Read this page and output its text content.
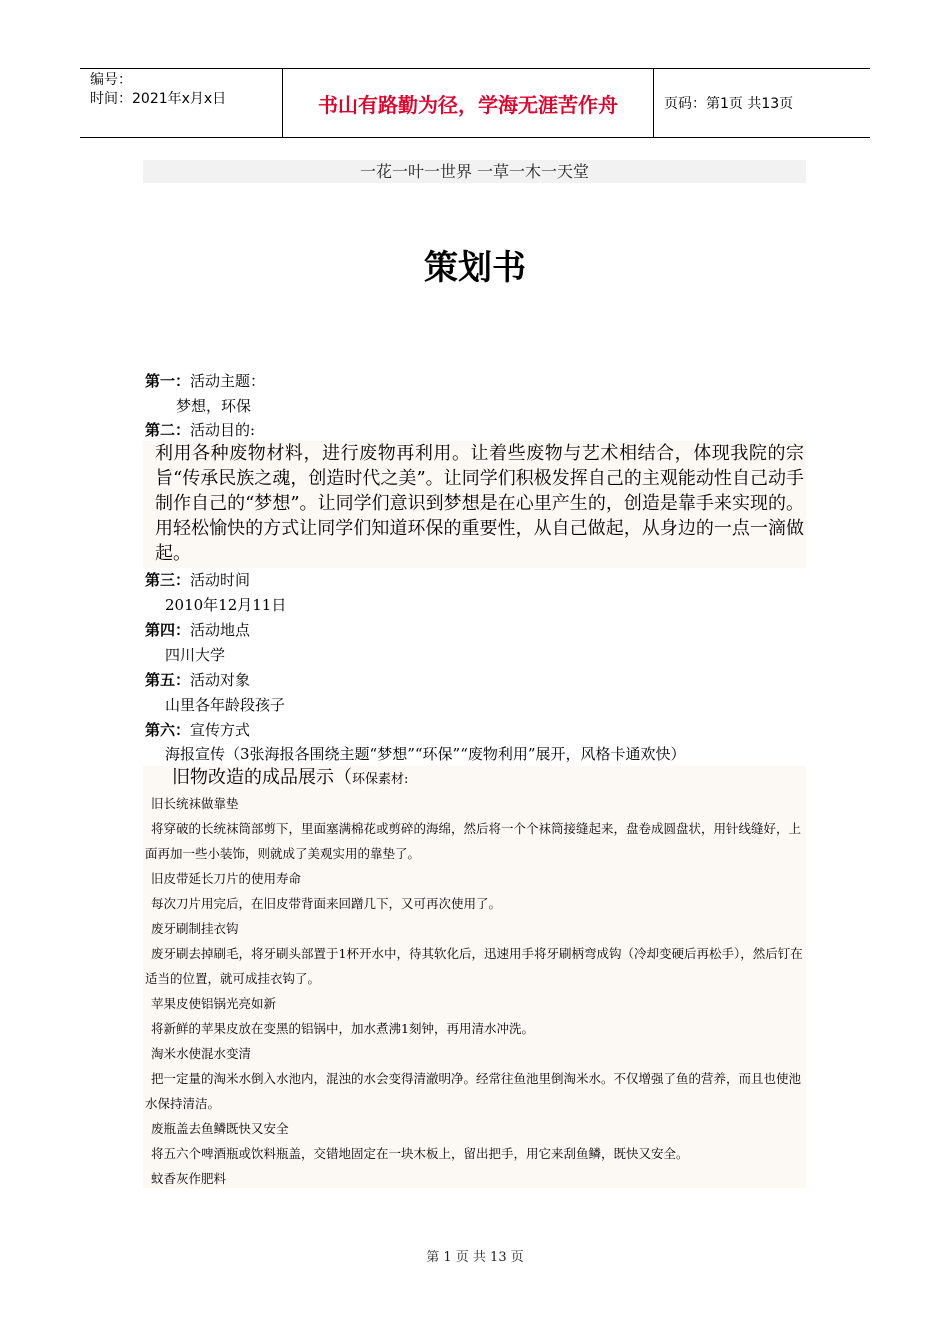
编号：
时间：2021年x月x日	书山有路勤为径，学海无涯苦作舟	页码：第1页 共13页
一花一叶一世界 一草一木一天堂
策划书
第一：活动主题：
梦想，环保
第二：活动目的:
利用各种废物材料，进行废物再利用。让着些废物与艺术相结合，体现我院的宗旨“传承民族之魂，创造时代之美”。让同学们积极发挥自己的主观能动性自己动手制作自己的“梦想”。让同学们意识到梦想是在心里产生的，创造是靠手来实现的。用轻松愉快的方式让同学们知道环保的重要性，从自己做起，从身边的一点一滴做起。
第三：活动时间
2010年12月11日
第四：活动地点
四川大学
第五：活动对象
山里各年龄段孩子
第六：宣传方式
海报宣传（3张海报各围绕主题“梦想”“环保”“废物利用”展开，风格卡通欢快）
旧物改造的成品展示（环保素材:
旧长统袜做靠垫
将穿破的长统袜筒部剪下，里面塞满棉花或剪碎的海绵，然后将一个个袜筒接缝起来，盘卷成圆盘状，用针线缝好，上面再加一些小装饰，则就成了美观实用的靠垫了。
旧皮带延长刀片的使用寿命
每次刀片用完后，在旧皮带背面来回蹭几下，又可再次使用了。
废牙刷制挂衣钩
废牙刷去掉刷毛，将牙刷头部置于1杯开水中，待其软化后，迅速用手将牙刷柄弯成钩（冷却变硬后再松手），然后钉在适当的位置，就可成挂衣钩了。
苹果皮使铝锅光亮如新
将新鲜的苹果皮放在变黑的铝锅中，加水煮沸1刻钟，再用清水冲洗。
淘米水使混水变清
把一定量的淘米水倒入水池内，混浊的水会变得清澈明净。经常往鱼池里倒淘米水。不仅增强了鱼的营养，而且也使池水保持清洁。
废瓶盖去鱼鳞既快又安全
将五六个啤酒瓶或饮料瓶盖，交错地固定在一块木板上，留出把手，用它来刮鱼鳞，既快又安全。
蚊香灰作肥料
第 1 页 共 13 页
